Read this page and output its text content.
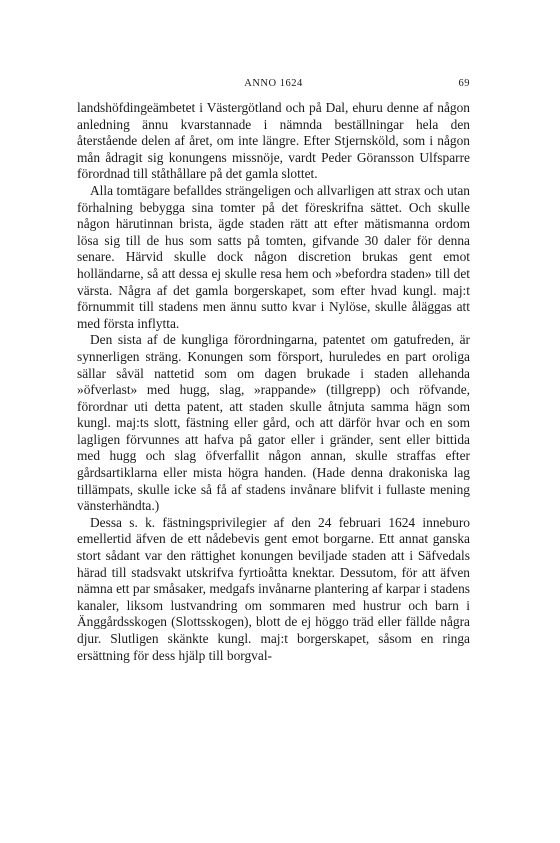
ANNO 1624	69

landshöfdingeämbetet i Västergötland och på Dal, ehuru denne af någon anledning ännu kvarstannade i nämnda beställningar hela den återstående delen af året, om inte längre. Efter Stjernsköld, som i någon mån ådragit sig konungens missnöje, vardt Peder Göransson Ulfsparre förordnad till ståthållare på det gamla slottet.

Alla tomtägare befalldes strängeligen och allvarligen att strax och utan förhalning bebygga sina tomter på det föreskrifna sättet. Och skulle någon härutinnan brista, ägde staden rätt att efter mätismanna ordom lösa sig till de hus som satts på tomten, gifvande 30 daler för denna senare. Härvid skulle dock någon discretion brukas gent emot holländarne, så att dessa ej skulle resa hem och »befordra staden» till det värsta. Några af det gamla borgerskapet, som efter hvad kungl. maj:t förnummit till stadens men ännu sutto kvar i Nylöse, skulle åläggas att med första inflytta.

Den sista af de kungliga förordningarna, patentet om gatufreden, är synnerligen sträng. Konungen som försport, huruledes en part oroliga sällar såväl nattetid som om dagen brukade i staden allehanda »öfverlast» med hugg, slag, »rappande» (tillgrepp) och röfvande, förordnar uti detta patent, att staden skulle åtnjuta samma hägn som kungl. maj:ts slott, fästning eller gård, och att därför hvar och en som lagligen förvunnes att hafva på gator eller i gränder, sent eller bittida med hugg och slag öfverfallit någon annan, skulle straffas efter gårdsartiklarna eller mista högra handen. (Hade denna drakoniska lag tillämpats, skulle icke så få af stadens invånare blifvit i fullaste mening vänsterhändta.)

Dessa s. k. fästningsprivilegier af den 24 februari 1624 inneburo emellertid äfven de ett nådebevis gent emot borgarne. Ett annat ganska stort sådant var den rättighet konungen beviljade staden att i Säfvedals härad till stadsvakt utskrifva fyrtioåtta knektar. Dessutom, för att äfven nämna ett par småsaker, medgafs invånarne plantering af karpar i stadens kanaler, liksom lustvandring om sommaren med hustrur och barn i Änggårdsskogen (Slottsskogen), blott de ej höggo träd eller fällde några djur. Slutligen skänkte kungl. maj:t borgerskapet, såsom en ringa ersättning för dess hjälp till borgval-
